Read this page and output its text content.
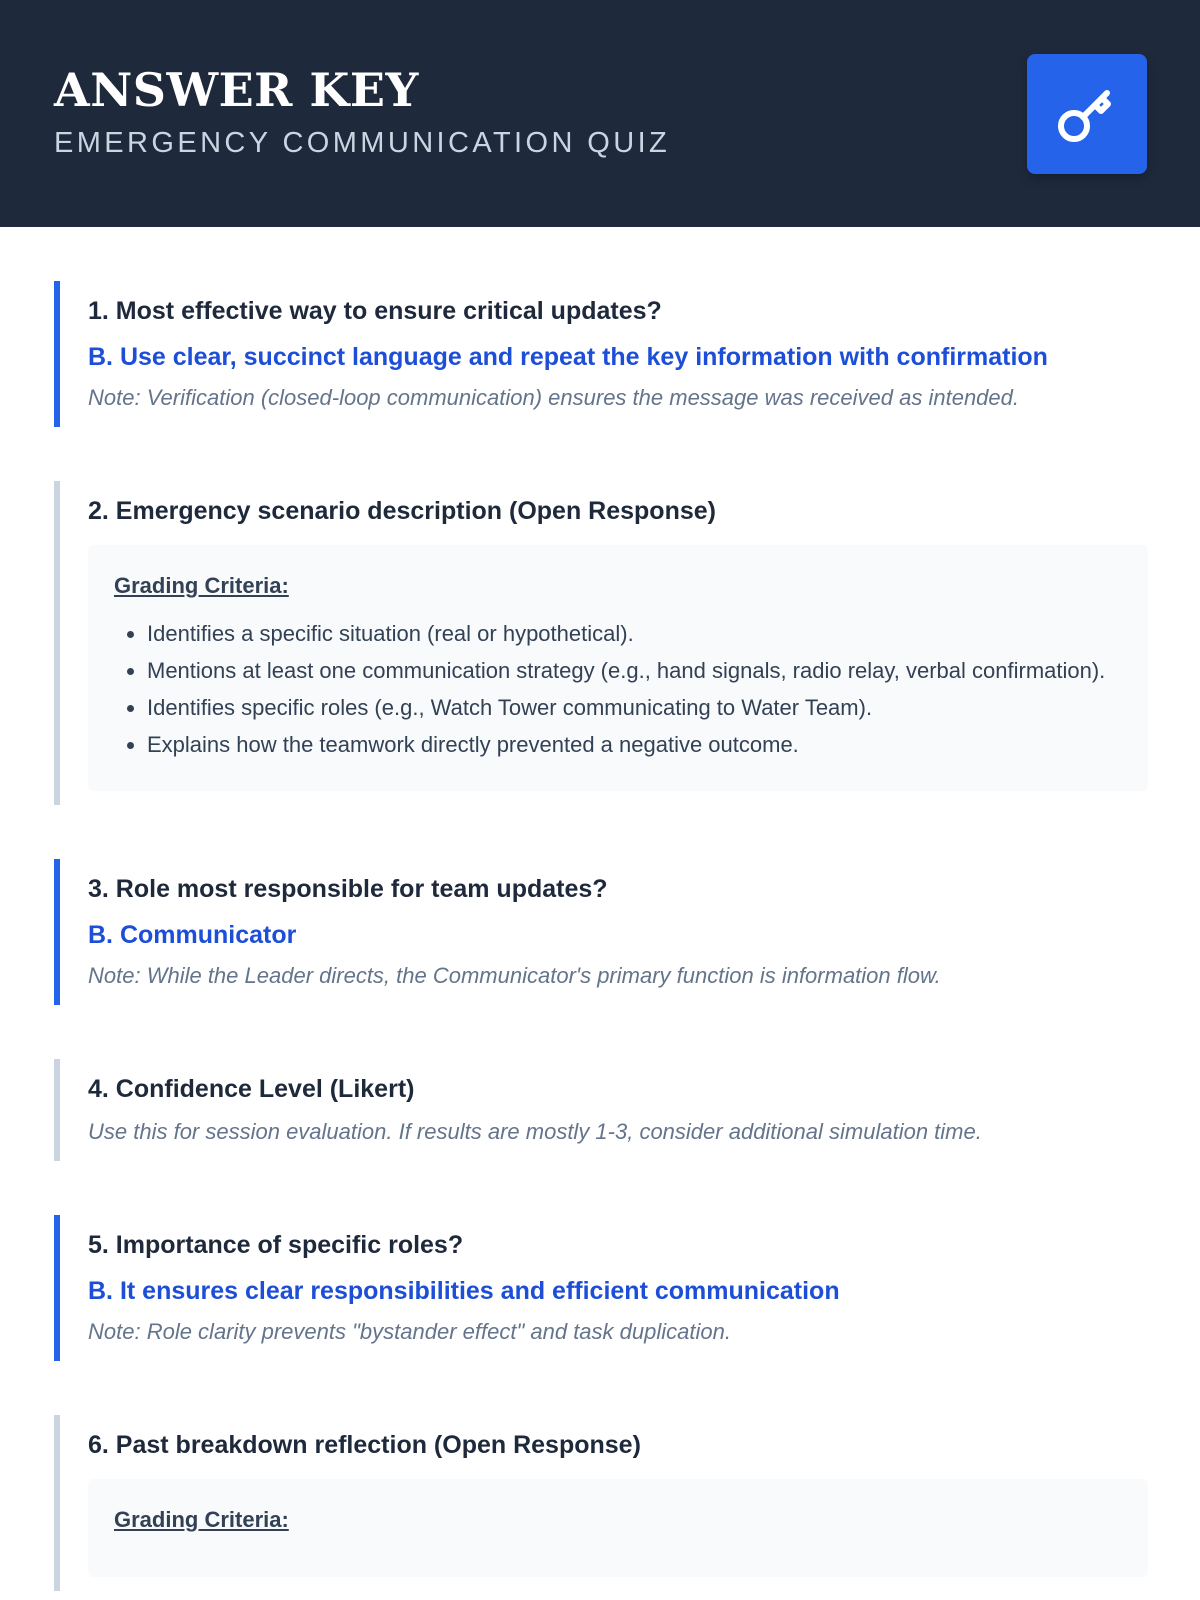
ANSWER KEY
EMERGENCY COMMUNICATION QUIZ

1. Most effective way to ensure critical updates?

B. Use clear, succinct language and repeat the key information with confirmation

Note: Verification (closed-loop communication) ensures the message was received as intended.

2. Emergency scenario description (Open Response)

Grading Criteria:

• Identifies a specific situation (real or hypothetical).
• Mentions at least one communication strategy (e.g., hand signals, radio relay, verbal confirmation).
• Identifies specific roles (e.g., Watch Tower communicating to Water Team).
• Explains how the teamwork directly prevented a negative outcome.

3. Role most responsible for team updates?

B. Communicator

Note: While the Leader directs, the Communicator's primary function is information flow.

4. Confidence Level (Likert)

Use this for session evaluation. If results are mostly 1-3, consider additional simulation time.

5. Importance of specific roles?

B. It ensures clear responsibilities and efficient communication

Note: Role clarity prevents "bystander effect" and task duplication.

6. Past breakdown reflection (Open Response)

Grading Criteria:
